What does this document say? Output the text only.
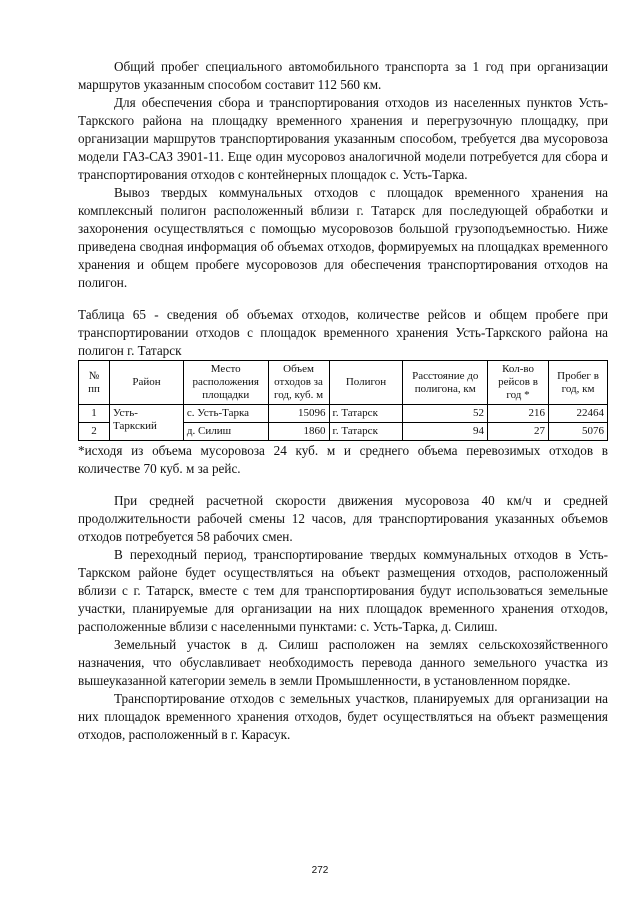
Общий пробег специального автомобильного транспорта за 1 год при организации маршрутов указанным способом составит 112 560 км.

Для обеспечения сбора и транспортирования отходов из населенных пунктов Усть-Таркского района на площадку временного хранения и перегрузочную площадку, при организации маршрутов транспортирования указанным способом, требуется два мусоровоза модели ГАЗ-САЗ 3901-11. Еще один мусоровоз аналогичной модели потребуется для сбора и транспортирования отходов с контейнерных площадок с. Усть-Тарка.

Вывоз твердых коммунальных отходов с площадок временного хранения на комплексный полигон расположенный вблизи г. Татарск для последующей обработки и захоронения осуществляться с помощью мусоровозов большой грузоподъемностью. Ниже приведена сводная информация об объемах отходов, формируемых на площадках временного хранения и общем пробеге мусоровозов для обеспечения транспортирования отходов на полигон.

Таблица 65 - сведения об объемах отходов, количестве рейсов и общем пробеге при транспортировании отходов с площадок временного хранения Усть-Таркского района на полигон г. Татарск

№ пп	Район	Место расположения площадки	Объем отходов за год, куб. м	Полигон	Расстояние до полигона, км	Кол-во рейсов в год *	Пробег в год, км
1	Усть-Таркский	с. Усть-Тарка	15096	г. Татарск	52	216	22464
2		д. Силиш	1860	г. Татарск	94	27	5076

*исходя из объема мусоровоза 24 куб. м и среднего объема перевозимых отходов в количестве 70 куб. м за рейс.

При средней расчетной скорости движения мусоровоза 40 км/ч и средней продолжительности рабочей смены 12 часов, для транспортирования указанных объемов отходов потребуется 58 рабочих смен.

В переходный период, транспортирование твердых коммунальных отходов в Усть-Таркском районе будет осуществляться на объект размещения отходов, расположенный вблизи с г. Татарск, вместе с тем для транспортирования будут использоваться земельные участки, планируемые для организации на них площадок временного хранения отходов, расположенные вблизи с населенными пунктами: с. Усть-Тарка, д. Силиш.

Земельный участок в д. Силиш расположен на землях сельскохозяйственного назначения, что обуславливает необходимость перевода данного земельного участка из вышеуказанной категории земель в земли Промышленности, в установленном порядке.

Транспортирование отходов с земельных участков, планируемых для организации на них площадок временного хранения отходов, будет осуществляться на объект размещения отходов, расположенный в г. Карасук.

272
